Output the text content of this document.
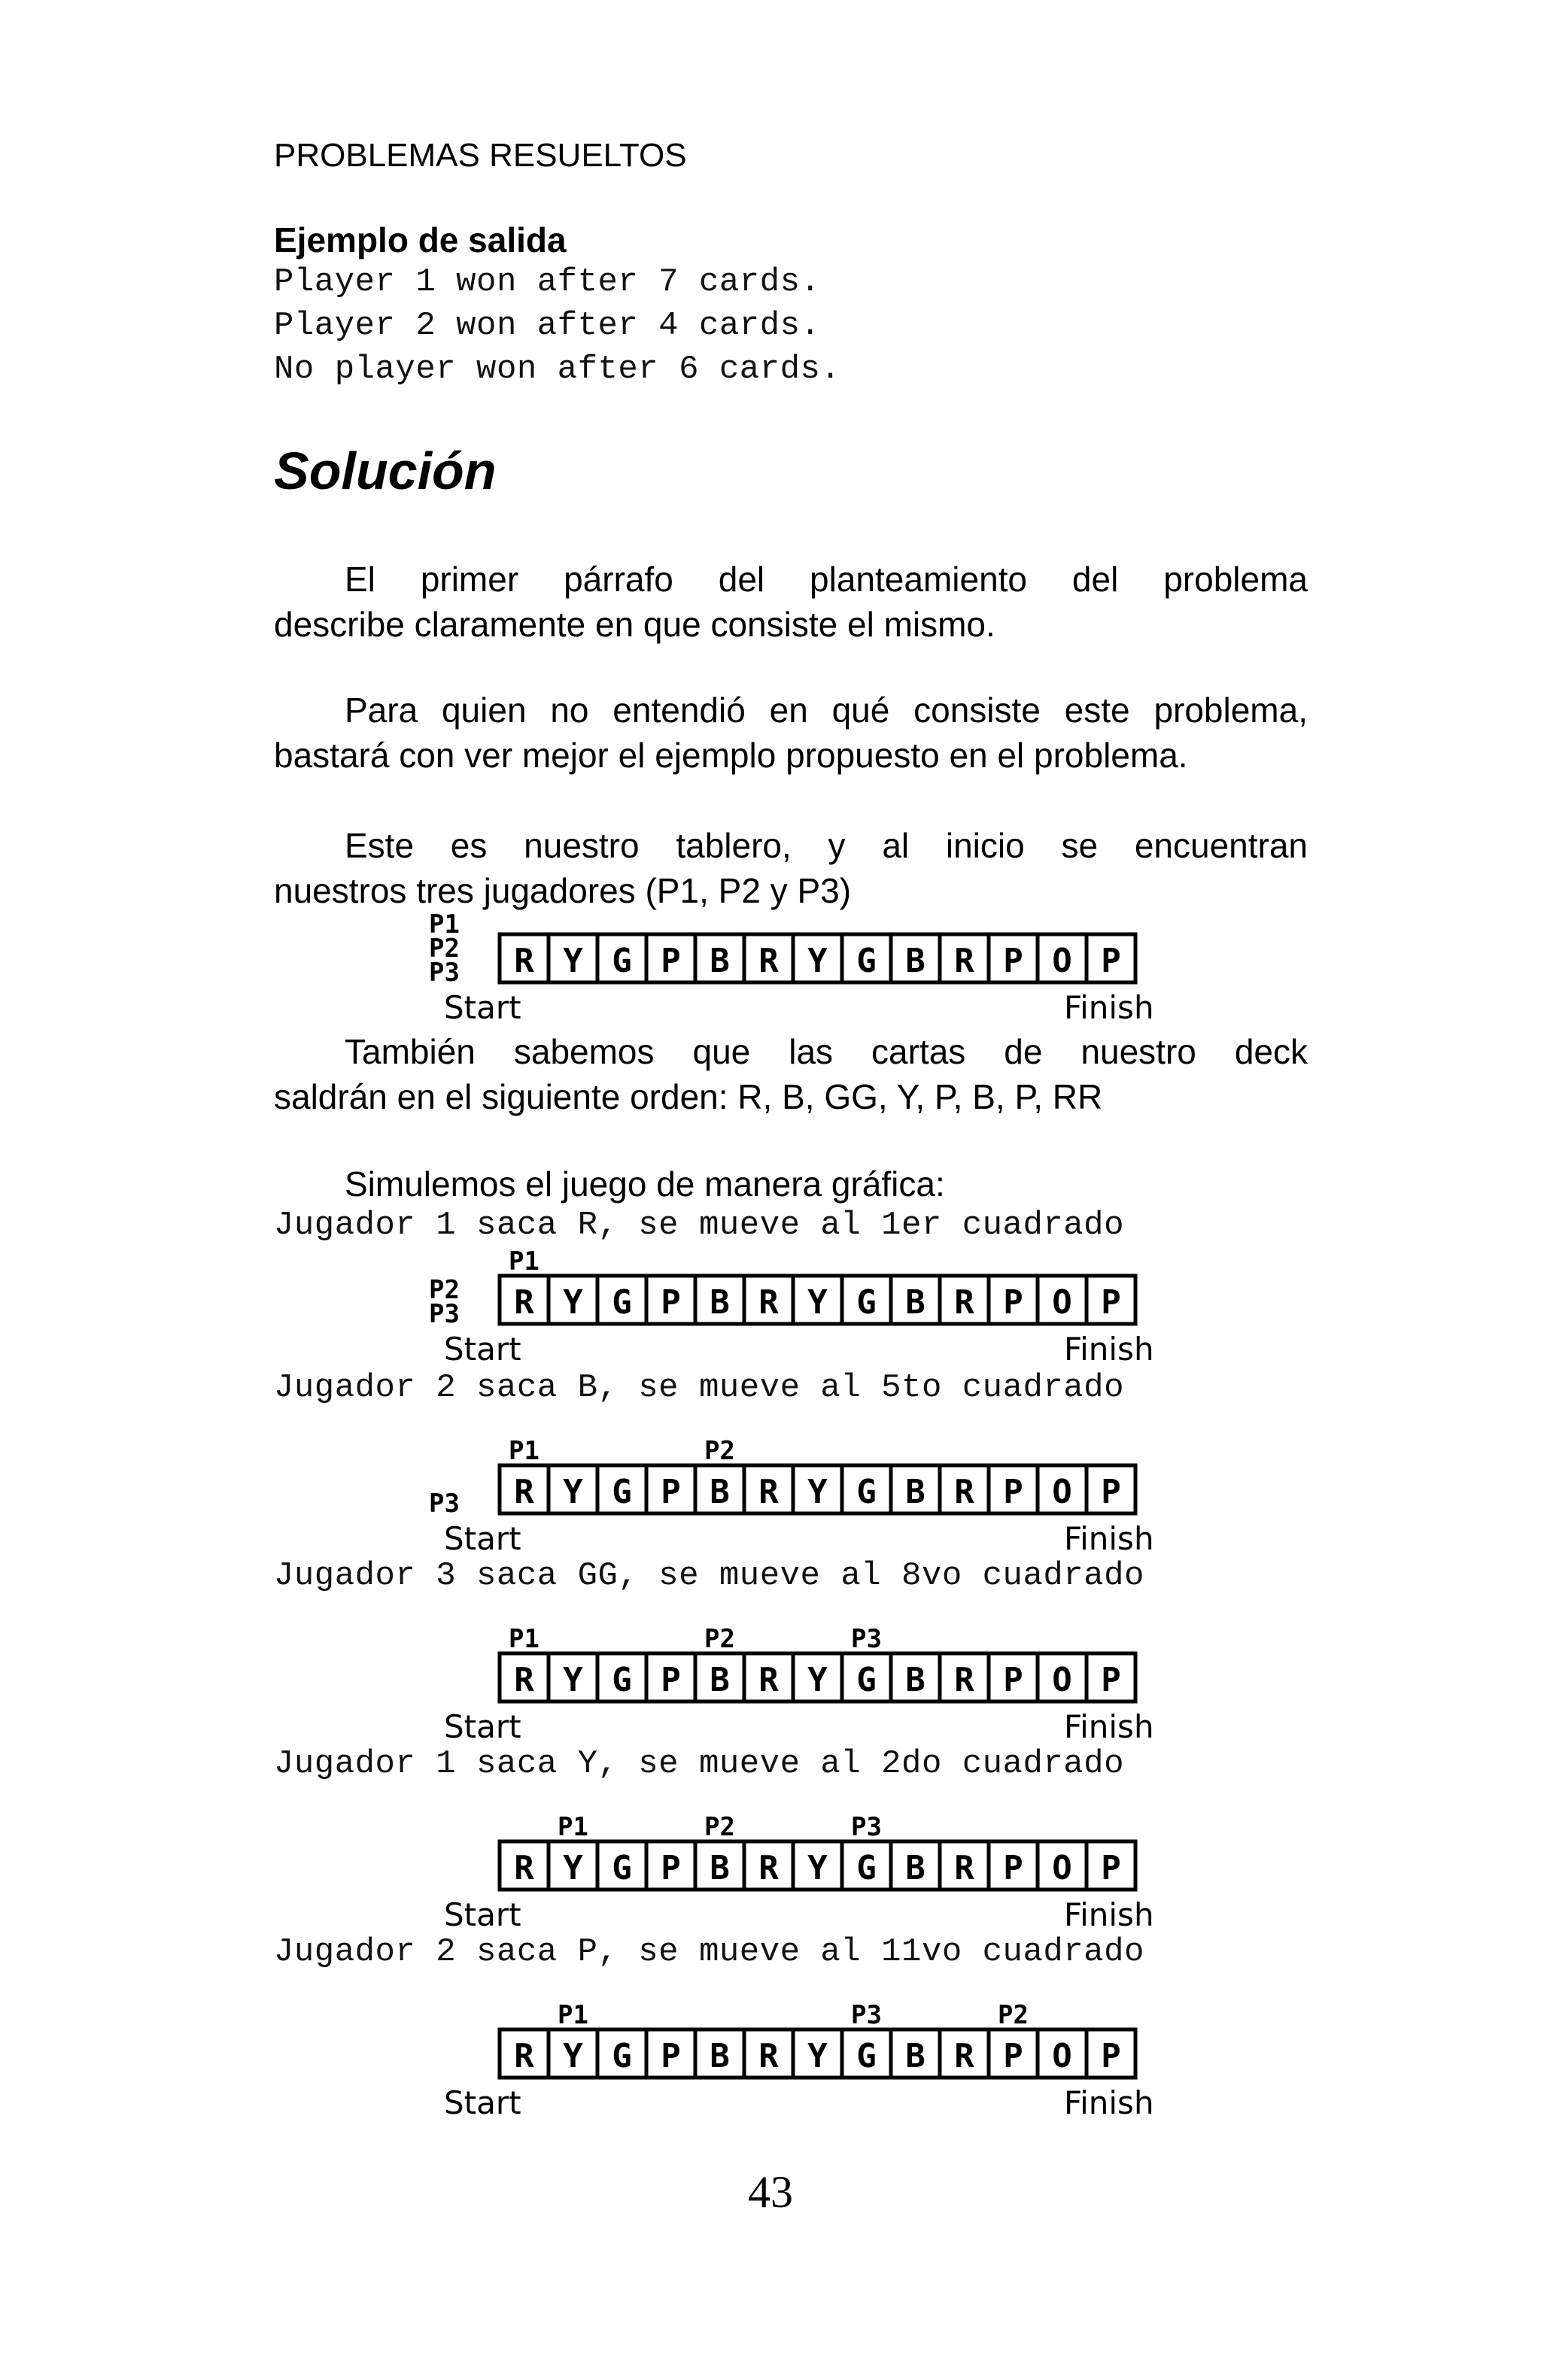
PROBLEMAS RESUELTOS
Ejemplo de salida
Player 1 won after 7 cards.
Player 2 won after 4 cards.
No player won after 6 cards.
Solución
El primer párrafo del planteamiento del problema
describe claramente en que consiste el mismo.
Para quien no entendió en qué consiste este problema,
bastará con ver mejor el ejemplo propuesto en el problema.
Este es nuestro tablero, y al inicio se encuentran
nuestros tres jugadores (P1, P2 y P3)
R Y G P B R Y G B R P O P
Start	Finish
P1
P2
P3
También sabemos que las cartas de nuestro deck
saldrán en el siguiente orden: R, B, GG, Y, P, B, P, RR
Simulemos el juego de manera gráfica:
Jugador 1 saca R, se mueve al 1er cuadrado
R Y G P B R Y G B R P O P
Start	Finish
P2
P3
P1
Jugador 2 saca B, se mueve al 5to cuadrado
R Y G P B R Y G B R P O P
Start	Finish
P3
P1	P2
Jugador 3 saca GG, se mueve al 8vo cuadrado
R Y G P B R Y G B R P O P
Start	Finish
P1	P2	P3
Jugador 1 saca Y, se mueve al 2do cuadrado
R Y G P B R Y G B R P O P
Start	Finish
P1	P2	P3
Jugador 2 saca P, se mueve al 11vo cuadrado
R Y G P B R Y G B R P O P
Start	Finish
P1	P2
P3
43
